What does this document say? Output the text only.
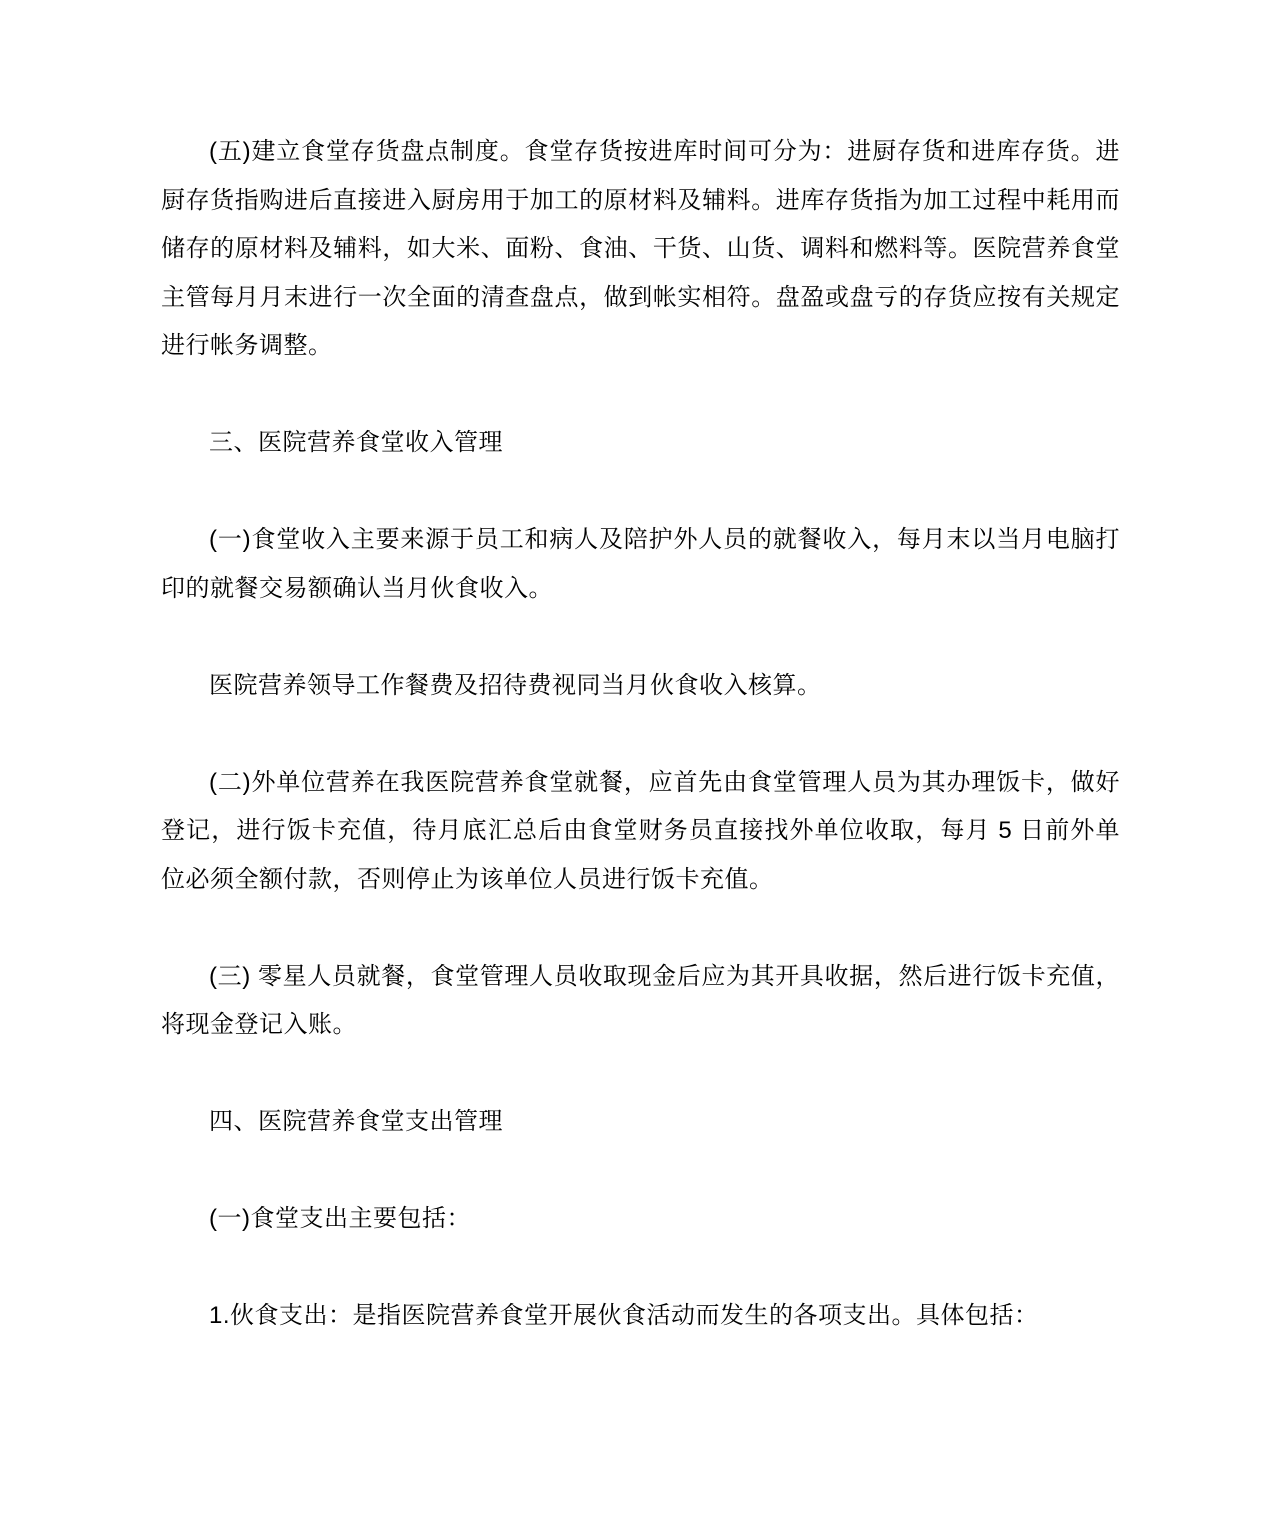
(五)建立食堂存货盘点制度。食堂存货按进库时间可分为：进厨存货和进库存货。进厨存货指购进后直接进入厨房用于加工的原材料及辅料。进库存货指为加工过程中耗用而储存的原材料及辅料，如大米、面粉、食油、干货、山货、调料和燃料等。医院营养食堂主管每月月末进行一次全面的清查盘点，做到帐实相符。盘盈或盘亏的存货应按有关规定进行帐务调整。

三、医院营养食堂收入管理

(一)食堂收入主要来源于员工和病人及陪护外人员的就餐收入，每月末以当月电脑打印的就餐交易额确认当月伙食收入。

医院营养领导工作餐费及招待费视同当月伙食收入核算。

(二)外单位营养在我医院营养食堂就餐，应首先由食堂管理人员为其办理饭卡，做好登记，进行饭卡充值，待月底汇总后由食堂财务员直接找外单位收取，每月 5 日前外单位必须全额付款，否则停止为该单位人员进行饭卡充值。

(三) 零星人员就餐，食堂管理人员收取现金后应为其开具收据，然后进行饭卡充值，将现金登记入账。

四、医院营养食堂支出管理

(一)食堂支出主要包括：

1.伙食支出：是指医院营养食堂开展伙食活动而发生的各项支出。具体包括：
